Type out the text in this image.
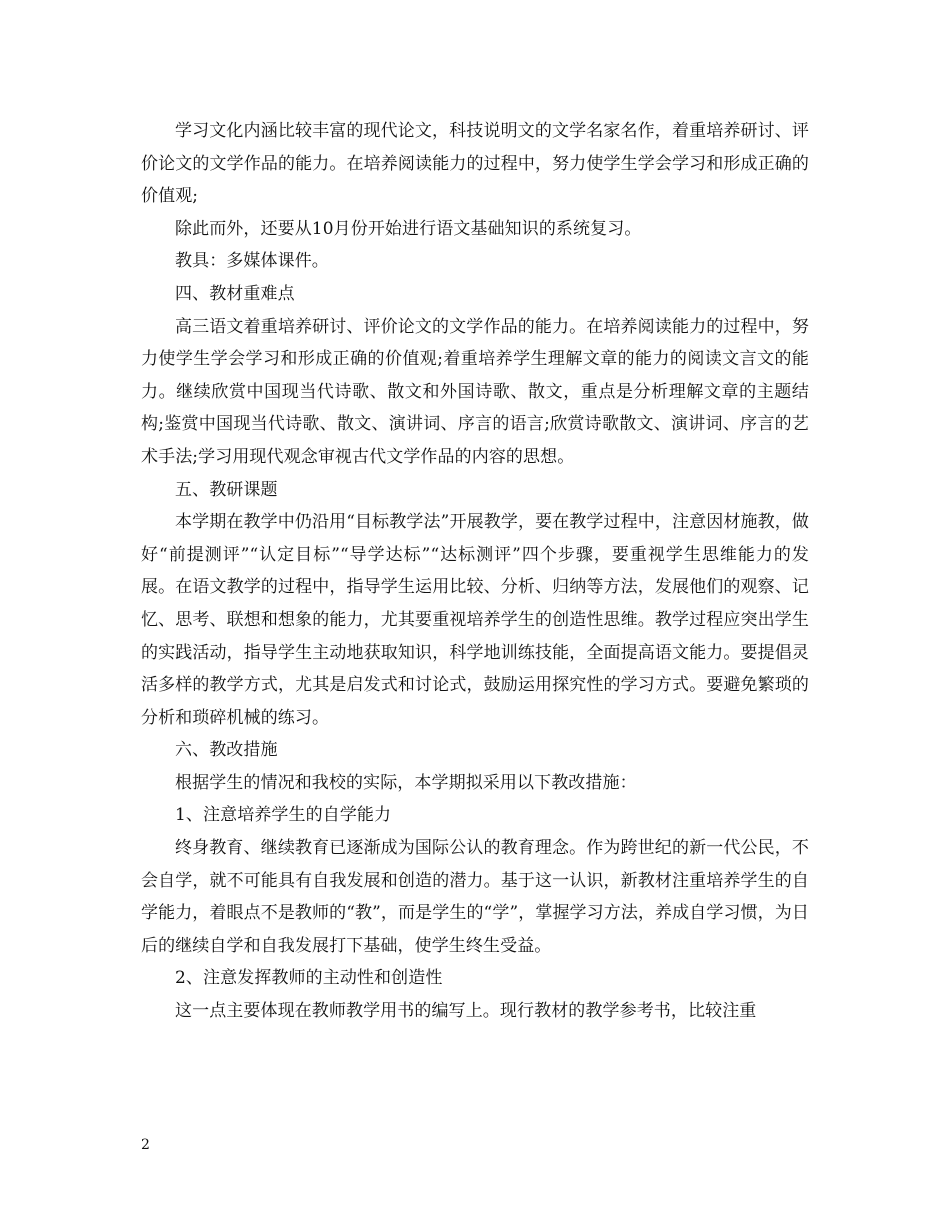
学习文化内涵比较丰富的现代论文，科技说明文的文学名家名作，着重培养研讨、评价论文的文学作品的能力。在培养阅读能力的过程中，努力使学生学会学习和形成正确的价值观;

除此而外，还要从10月份开始进行语文基础知识的系统复习。

教具：多媒体课件。

四、教材重难点

高三语文着重培养研讨、评价论文的文学作品的能力。在培养阅读能力的过程中，努力使学生学会学习和形成正确的价值观;着重培养学生理解文章的能力的阅读文言文的能力。继续欣赏中国现当代诗歌、散文和外国诗歌、散文，重点是分析理解文章的主题结构;鉴赏中国现当代诗歌、散文、演讲词、序言的语言;欣赏诗歌散文、演讲词、序言的艺术手法;学习用现代观念审视古代文学作品的内容的思想。

五、教研课题

本学期在教学中仍沿用“目标教学法”开展教学，要在教学过程中，注意因材施教，做好“前提测评”“认定目标”“导学达标”“达标测评”四个步骤，要重视学生思维能力的发展。在语文教学的过程中，指导学生运用比较、分析、归纳等方法，发展他们的观察、记忆、思考、联想和想象的能力，尤其要重视培养学生的创造性思维。教学过程应突出学生的实践活动，指导学生主动地获取知识，科学地训练技能，全面提高语文能力。要提倡灵活多样的教学方式，尤其是启发式和讨论式，鼓励运用探究性的学习方式。要避免繁琐的分析和琐碎机械的练习。

六、教改措施

根据学生的情况和我校的实际，本学期拟采用以下教改措施：

1、注意培养学生的自学能力

终身教育、继续教育已逐渐成为国际公认的教育理念。作为跨世纪的新一代公民，不会自学，就不可能具有自我发展和创造的潜力。基于这一认识，新教材注重培养学生的自学能力，着眼点不是教师的“教”，而是学生的“学”，掌握学习方法，养成自学习惯，为日后的继续自学和自我发展打下基础，使学生终生受益。

2、注意发挥教师的主动性和创造性

这一点主要体现在教师教学用书的编写上。现行教材的教学参考书，比较注重

2
